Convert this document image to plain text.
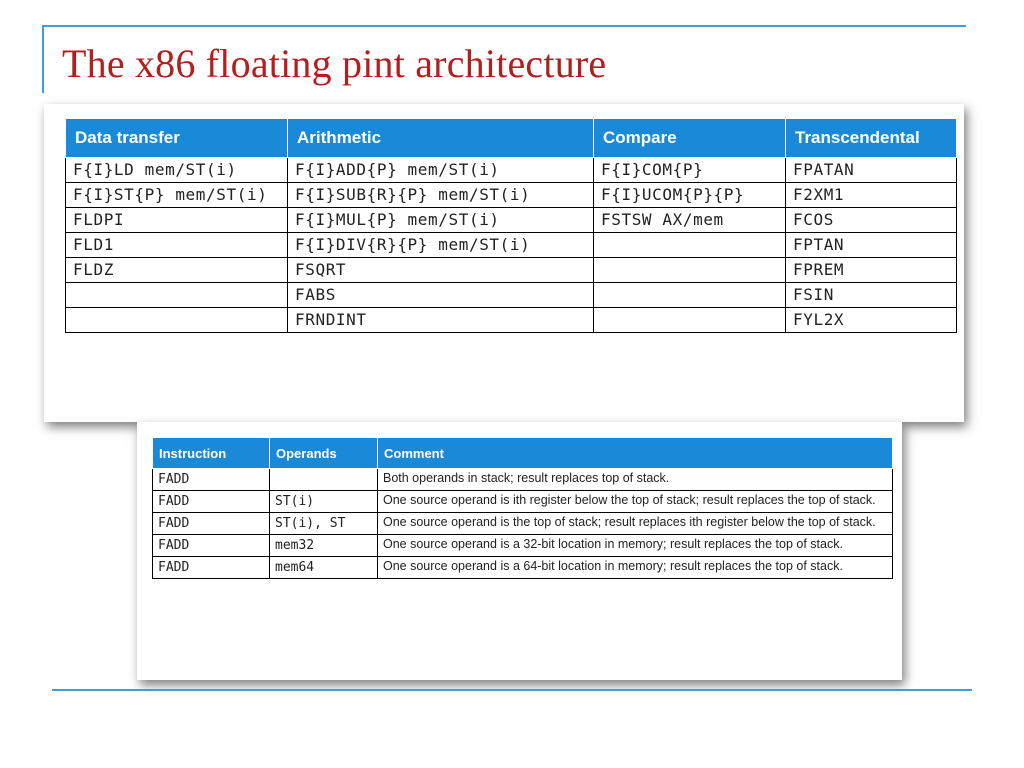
The x86 floating pint architecture
Data transfer	Arithmetic	Compare	Transcendental
F{I}LD mem/ST(i)	F{I}ADD{P} mem/ST(i)	F{I}COM{P}	FPATAN
F{I}ST{P} mem/ST(i)	F{I}SUB{R}{P} mem/ST(i)	F{I}UCOM{P}{P}	F2XM1
FLDPI	F{I}MUL{P} mem/ST(i)	FSTSW AX/mem	FCOS
FLD1	F{I}DIV{R}{P} mem/ST(i)		FPTAN
FLDZ	FSQRT		FPREM
	FABS		FSIN
	FRNDINT		FYL2X
Instruction	Operands	Comment
FADD		Both operands in stack; result replaces top of stack.
FADD	ST(i)	One source operand is ith register below the top of stack; result replaces the top of stack.
FADD	ST(i), ST	One source operand is the top of stack; result replaces ith register below the top of stack.
FADD	mem32	One source operand is a 32-bit location in memory; result replaces the top of stack.
FADD	mem64	One source operand is a 64-bit location in memory; result replaces the top of stack.
